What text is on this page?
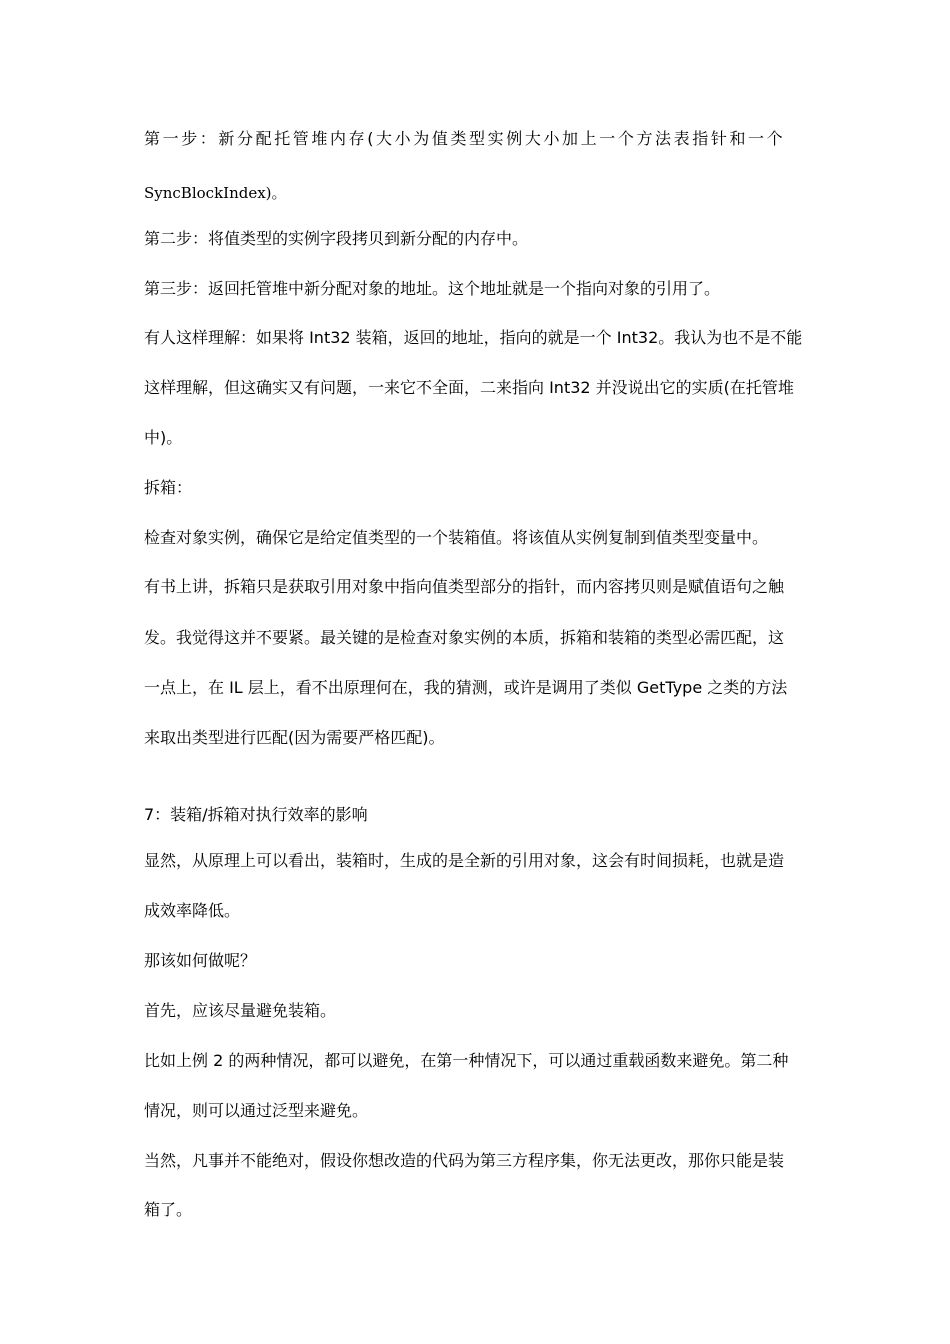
第一步：新分配托管堆内存(大小为值类型实例大小加上一个方法表指针和一个
SyncBlockIndex)。
第二步：将值类型的实例字段拷贝到新分配的内存中。
第三步：返回托管堆中新分配对象的地址。这个地址就是一个指向对象的引用了。
有人这样理解：如果将 Int32 装箱，返回的地址，指向的就是一个 Int32。我认为也不是不能
这样理解，但这确实又有问题，一来它不全面，二来指向 Int32 并没说出它的实质(在托管堆
中)。
拆箱：
检查对象实例，确保它是给定值类型的一个装箱值。将该值从实例复制到值类型变量中。
有书上讲，拆箱只是获取引用对象中指向值类型部分的指针，而内容拷贝则是赋值语句之触
发。我觉得这并不要紧。最关键的是检查对象实例的本质，拆箱和装箱的类型必需匹配，这
一点上，在 IL 层上，看不出原理何在，我的猜测，或许是调用了类似 GetType 之类的方法
来取出类型进行匹配(因为需要严格匹配)。
7：装箱/拆箱对执行效率的影响
显然，从原理上可以看出，装箱时，生成的是全新的引用对象，这会有时间损耗，也就是造
成效率降低。
那该如何做呢？
首先，应该尽量避免装箱。
比如上例 2 的两种情况，都可以避免，在第一种情况下，可以通过重载函数来避免。第二种
情况，则可以通过泛型来避免。
当然，凡事并不能绝对，假设你想改造的代码为第三方程序集，你无法更改，那你只能是装
箱了。
